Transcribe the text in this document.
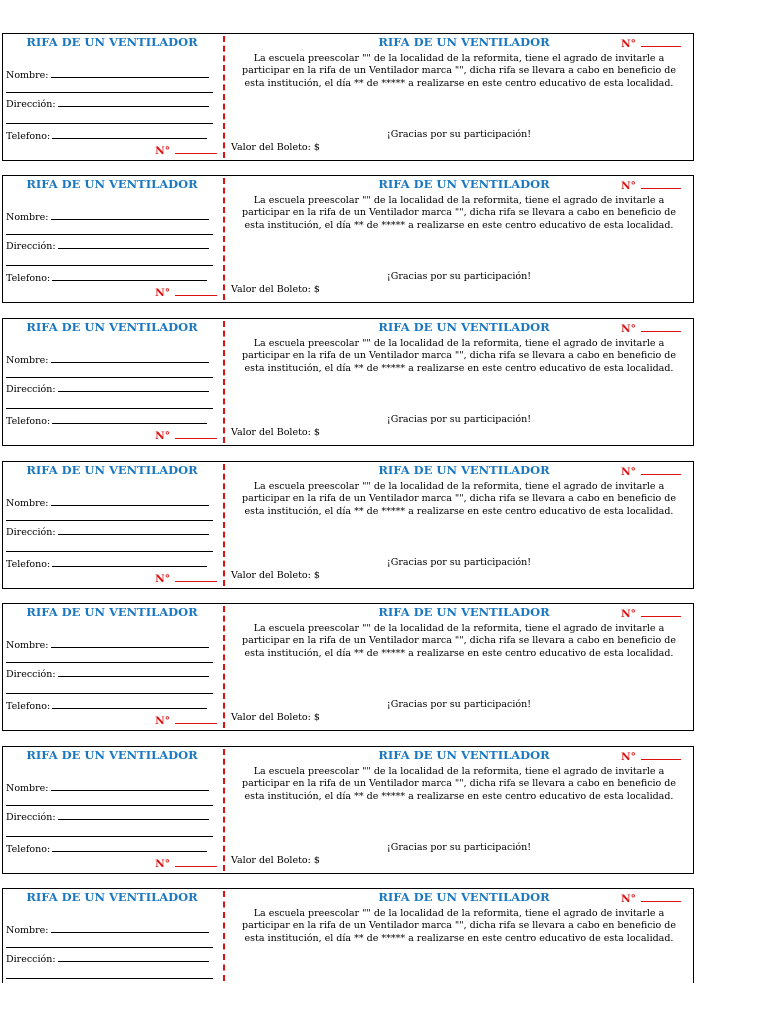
RIFA DE UN VENTILADOR
Nombre:
Dirección:
Telefono:
N°
RIFA DE UN VENTILADOR	N°
La escuela preescolar "" de la localidad de la reformita, tiene el agrado de invitarle a participar en la rifa de un Ventilador marca "", dicha rifa se llevara a cabo en beneficio de esta institución, el día ** de ***** a realizarse en este centro educativo de esta localidad.
¡Gracias por su participación!
Valor del Boleto: $
RIFA DE UN VENTILADOR
Nombre:
Dirección:
Telefono:
N°
RIFA DE UN VENTILADOR	N°
La escuela preescolar "" de la localidad de la reformita, tiene el agrado de invitarle a participar en la rifa de un Ventilador marca "", dicha rifa se llevara a cabo en beneficio de esta institución, el día ** de ***** a realizarse en este centro educativo de esta localidad.
¡Gracias por su participación!
Valor del Boleto: $
RIFA DE UN VENTILADOR
Nombre:
Dirección:
Telefono:
N°
RIFA DE UN VENTILADOR	N°
La escuela preescolar "" de la localidad de la reformita, tiene el agrado de invitarle a participar en la rifa de un Ventilador marca "", dicha rifa se llevara a cabo en beneficio de esta institución, el día ** de ***** a realizarse en este centro educativo de esta localidad.
¡Gracias por su participación!
Valor del Boleto: $
RIFA DE UN VENTILADOR
Nombre:
Dirección:
Telefono:
N°
RIFA DE UN VENTILADOR	N°
La escuela preescolar "" de la localidad de la reformita, tiene el agrado de invitarle a participar en la rifa de un Ventilador marca "", dicha rifa se llevara a cabo en beneficio de esta institución, el día ** de ***** a realizarse en este centro educativo de esta localidad.
¡Gracias por su participación!
Valor del Boleto: $
RIFA DE UN VENTILADOR
Nombre:
Dirección:
Telefono:
N°
RIFA DE UN VENTILADOR	N°
La escuela preescolar "" de la localidad de la reformita, tiene el agrado de invitarle a participar en la rifa de un Ventilador marca "", dicha rifa se llevara a cabo en beneficio de esta institución, el día ** de ***** a realizarse en este centro educativo de esta localidad.
¡Gracias por su participación!
Valor del Boleto: $
RIFA DE UN VENTILADOR
Nombre:
Dirección:
Telefono:
N°
RIFA DE UN VENTILADOR	N°
La escuela preescolar "" de la localidad de la reformita, tiene el agrado de invitarle a participar en la rifa de un Ventilador marca "", dicha rifa se llevara a cabo en beneficio de esta institución, el día ** de ***** a realizarse en este centro educativo de esta localidad.
¡Gracias por su participación!
Valor del Boleto: $
RIFA DE UN VENTILADOR
Nombre:
Dirección:
RIFA DE UN VENTILADOR	N°
La escuela preescolar "" de la localidad de la reformita, tiene el agrado de invitarle a participar en la rifa de un Ventilador marca "", dicha rifa se llevara a cabo en beneficio de esta institución, el día ** de ***** a realizarse en este centro educativo de esta localidad.
